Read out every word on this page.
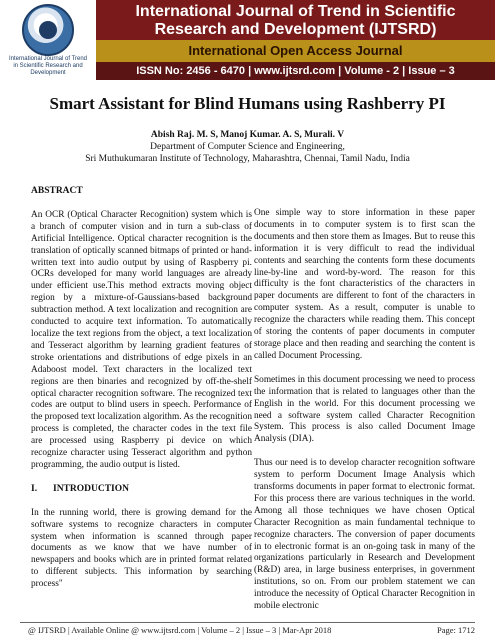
International Journal of Trend in Scientific
Research and Development (IJTSRD)
International Open Access Journal
ISSN No: 2456 - 6470 | www.ijtsrd.com | Volume - 2 | Issue – 3
International Journal of Trend in Scientific Research and Development
Smart Assistant for Blind Humans using Rashberry PI
Abish Raj. M. S, Manoj Kumar. A. S, Murali. V
Department of Computer Science and Engineering,
Sri Muthukumaran Institute of Technology, Maharashtra, Chennai, Tamil Nadu, India
ABSTRACT

An OCR (Optical Character Recognition) system which is a branch of computer vision and in turn a sub-class of Artificial Intelligence. Optical character recognition is the translation of optically scanned bitmaps of printed or hand-written text into audio output by using of Raspberry pi. OCRs developed for many world languages are already under efficient use.This method extracts moving object region by a mixture-of-Gaussians-based background subtraction method. A text localization and recognition are conducted to acquire text information. To automatically localize the text regions from the object, a text localization and Tesseract algorithm by learning gradient features of stroke orientations and distributions of edge pixels in an Adaboost model. Text characters in the localized text regions are then binaries and recognized by off-the-shelf optical character recognition software. The recognized text codes are output to blind users in speech. Performance of the proposed text localization algorithm. As the recognition process is completed, the character codes in the text file are processed using Raspberry pi device on which recognize character using Tesseract algorithm and python programming, the audio output is listed.

I. INTRODUCTION

In the running world, there is growing demand for the software systems to recognize characters in computer system when information is scanned through paper documents as we know that we have number of newspapers and books which are in printed format related to different subjects. This information by searching process"

One simple way to store information in these paper documents in to computer system is to first scan the documents and then store them as Images. But to reuse this information it is very difficult to read the individual contents and searching the contents form these documents line-by-line and word-by-word. The reason for this difficulty is the font characteristics of the characters in paper documents are different to font of the characters in computer system. As a result, computer is unable to recognize the characters while reading them. This concept of storing the contents of paper documents in computer storage place and then reading and searching the content is called Document Processing.

Sometimes in this document processing we need to process the information that is related to languages other than the English in the world. For this document processing we need a software system called Character Recognition System. This process is also called Document Image Analysis (DIA).

Thus our need is to develop character recognition software system to perform Document Image Analysis which transforms documents in paper format to electronic format. For this process there are various techniques in the world. Among all those techniques we have chosen Optical Character Recognition as main fundamental technique to recognize characters. The conversion of paper documents in to electronic format is an on-going task in many of the organizations particularly in Research and Development (R&D) area, in large business enterprises, in government institutions, so on. From our problem statement we can introduce the necessity of Optical Character Recognition in mobile electronic

@ IJTSRD | Available Online @ www.ijtsrd.com | Volume – 2 | Issue – 3 | Mar-Apr 2018	Page: 1712
